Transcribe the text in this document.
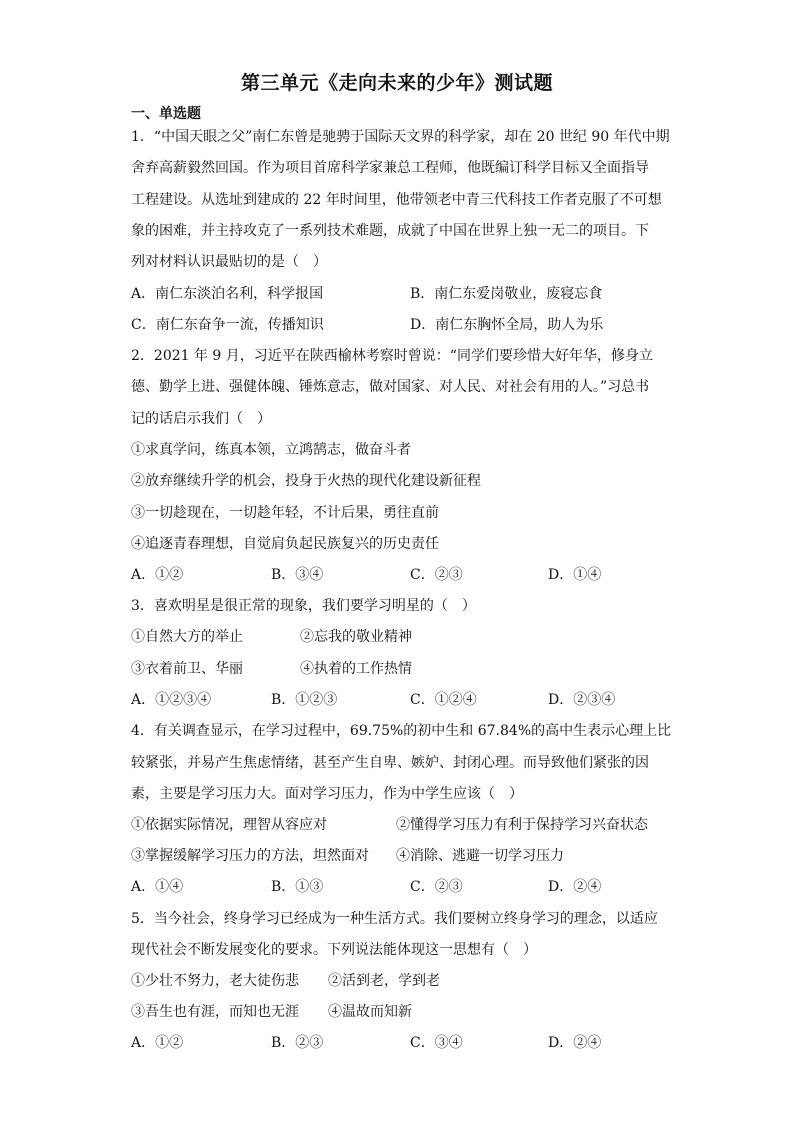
第三单元《走向未来的少年》测试题
一、单选题
1．“中国天眼之父”南仁东曾是驰骋于国际天文界的科学家，却在 20 世纪 90 年代中期
舍弃高薪毅然回国。作为项目首席科学家兼总工程师，他既编订科学目标又全面指导
工程建设。从选址到建成的 22 年时间里，他带领老中青三代科技工作者克服了不可想
象的困难，并主持攻克了一系列技术难题，成就了中国在世界上独一无二的项目。下
列对材料认识最贴切的是（　）
A．南仁东淡泊名利，科学报国	B．南仁东爱岗敬业，废寝忘食
C．南仁东奋争一流，传播知识	D．南仁东胸怀全局，助人为乐
2．2021 年 9 月，习近平在陕西榆林考察时曾说：“同学们要珍惜大好年华，修身立
德、勤学上进、强健体魄、锤炼意志，做对国家、对人民、对社会有用的人。”习总书
记的话启示我们（　）
①求真学问，练真本领，立鸿鹄志，做奋斗者
②放弃继续升学的机会，投身于火热的现代化建设新征程
③一切趁现在，一切趁年轻，不计后果，勇往直前
④追逐青春理想，自觉肩负起民族复兴的历史责任
A．①②	B．③④	C．②③	D．①④
3．喜欢明星是很正常的现象，我们要学习明星的（　）
①自然大方的举止	②忘我的敬业精神
③衣着前卫、华丽	④执着的工作热情
A．①②③④	B．①②③	C．①②④	D．②③④
4．有关调查显示，在学习过程中，69.75%的初中生和 67.84%的高中生表示心理上比
较紧张，并易产生焦虑情绪，甚至产生自卑、嫉妒、封闭心理。而导致他们紧张的因
素，主要是学习压力大。面对学习压力，作为中学生应该（　）
①依据实际情况，理智从容应对	②懂得学习压力有利于保持学习兴奋状态
③掌握缓解学习压力的方法，坦然面对 ④消除、逃避一切学习压力
A．①④	B．①③	C．②③	D．②④
5．当今社会，终身学习已经成为一种生活方式。我们要树立终身学习的理念，以适应
现代社会不断发展变化的要求。下列说法能体现这一思想有（　）
①少壮不努力，老大徒伤悲 ②活到老，学到老
③吾生也有涯，而知也无涯 ④温故而知新
A．①②	B．②③	C．③④	D．②④
